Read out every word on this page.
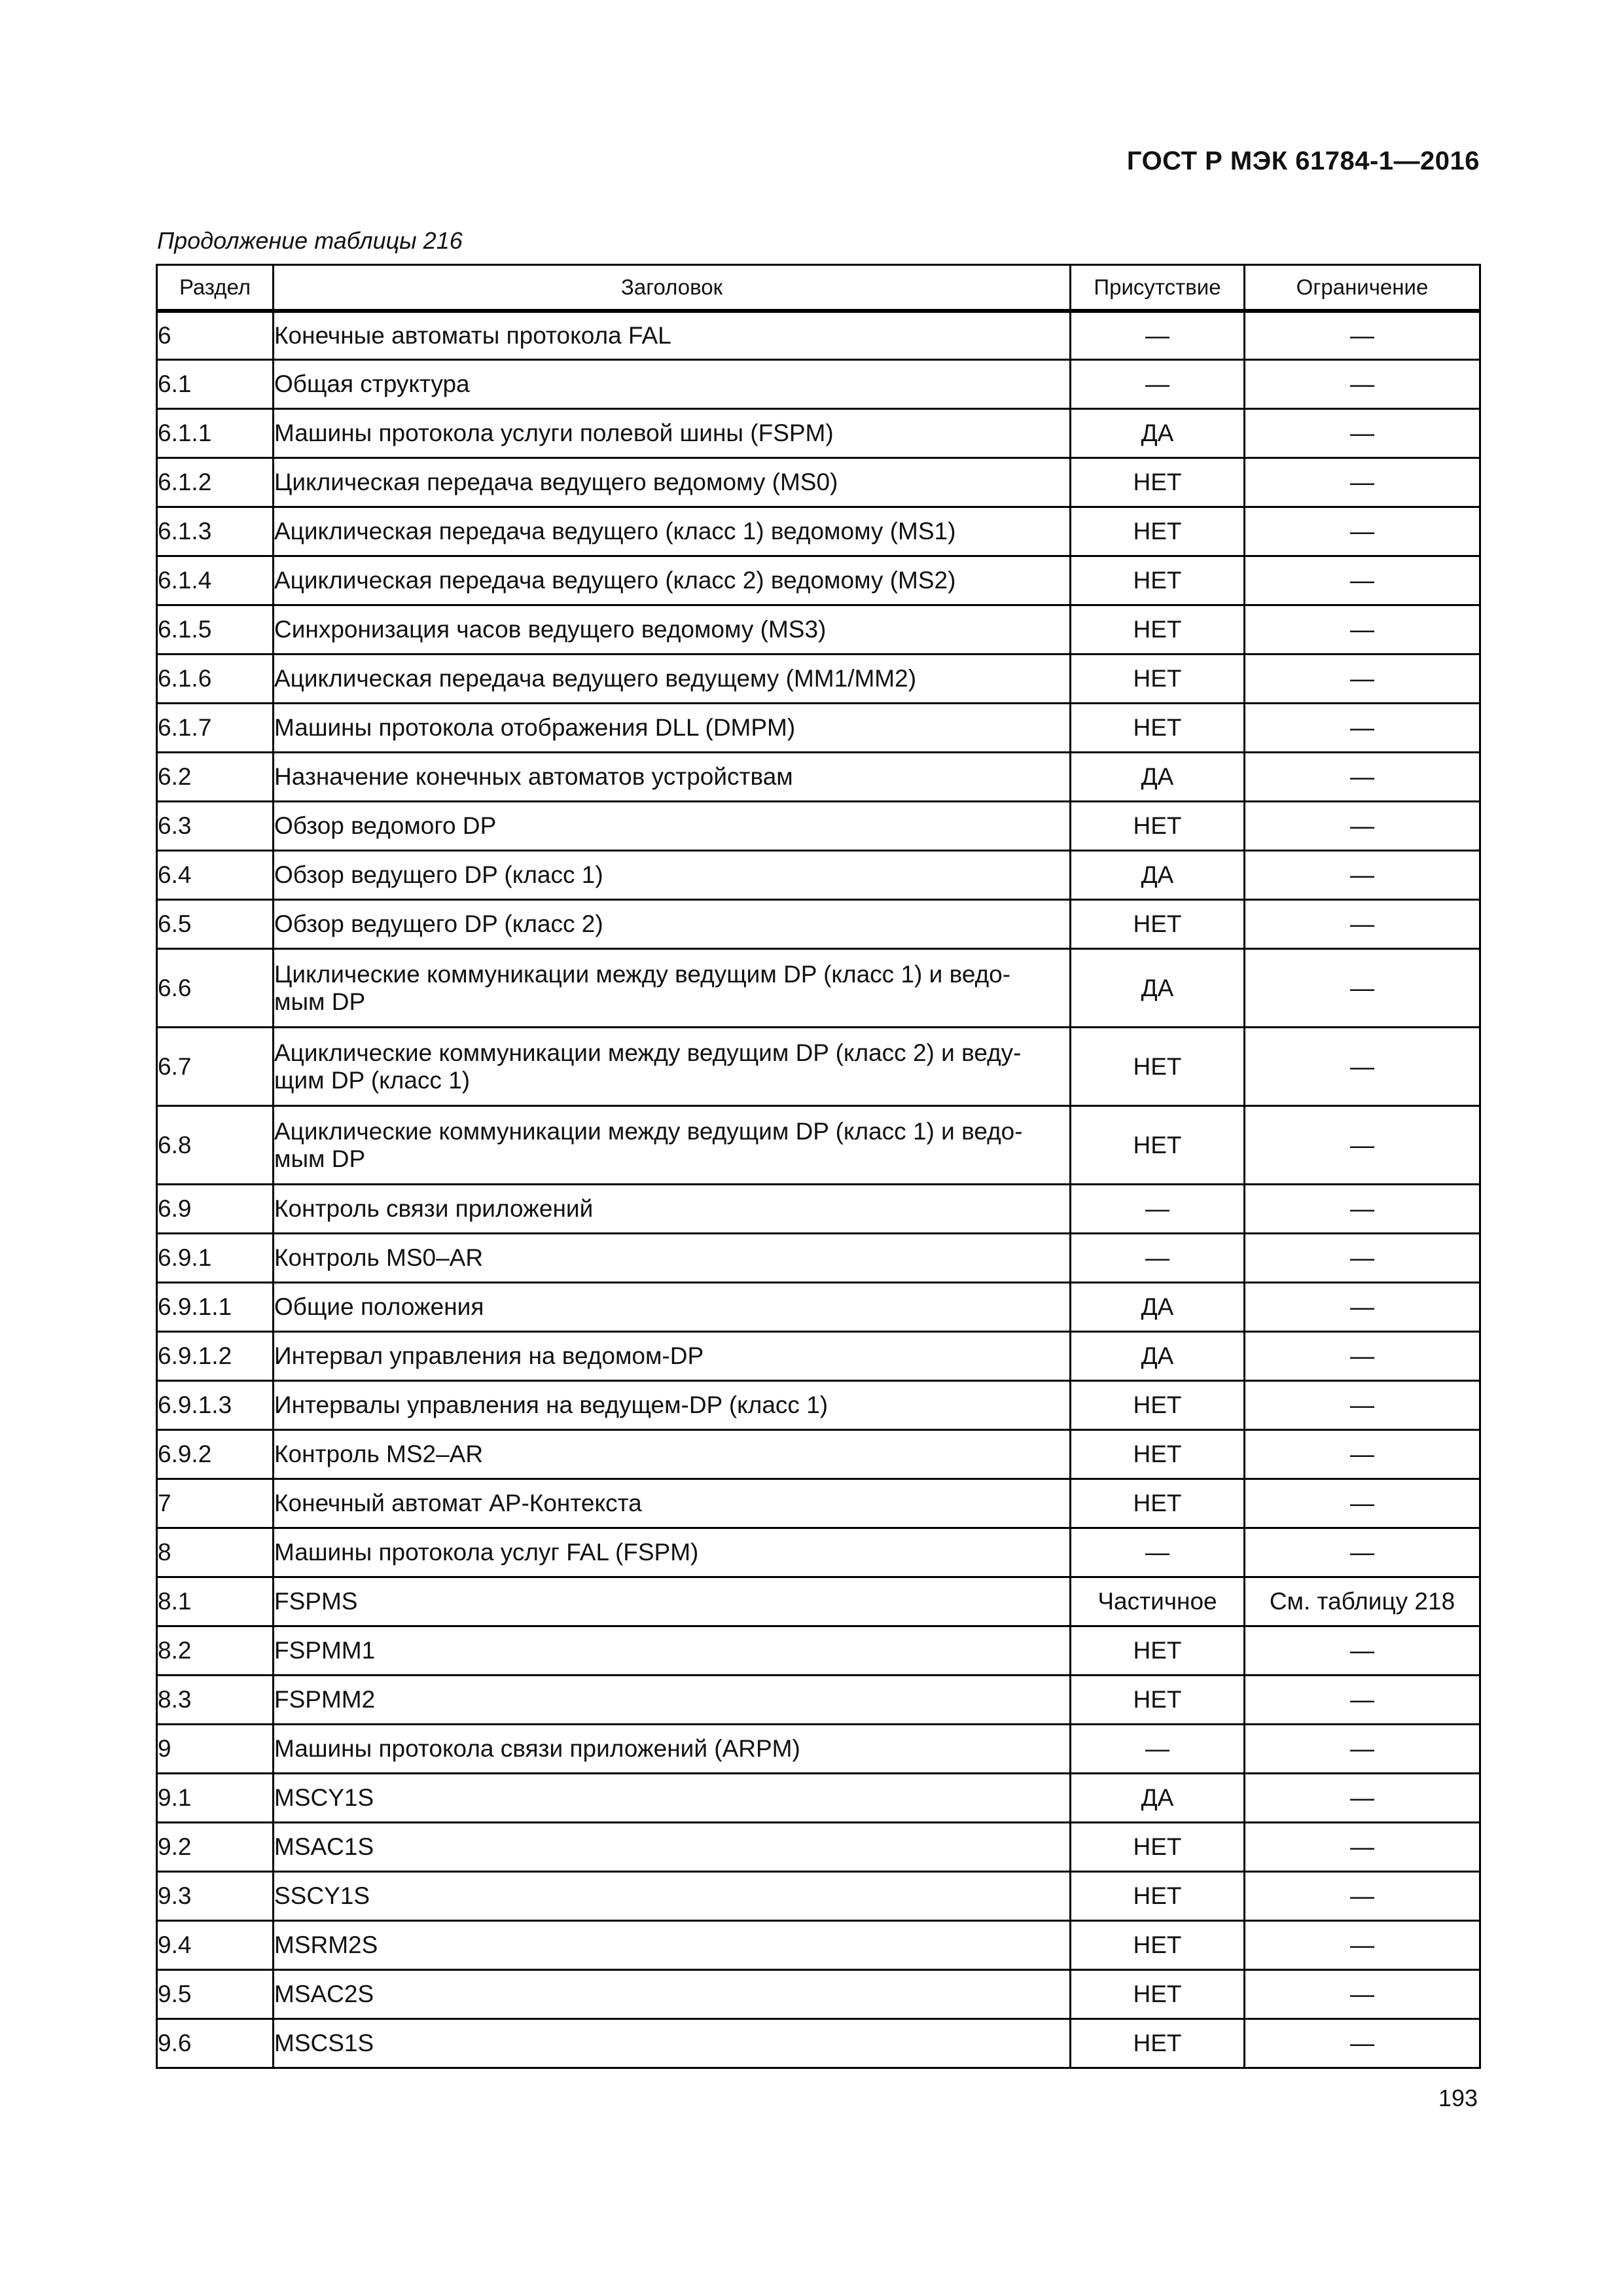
ГОСТ Р МЭК 61784-1—2016
Продолжение таблицы 216
Раздел	Заголовок	Присутствие	Ограничение
6	Конечные автоматы протокола FAL	—	—
6.1	Общая структура	—	—
6.1.1	Машины протокола услуги полевой шины (FSPM)	ДА	—
6.1.2	Циклическая передача ведущего ведомому (MS0)	НЕТ	—
6.1.3	Ациклическая передача ведущего (класс 1) ведомому (MS1)	НЕТ	—
6.1.4	Ациклическая передача ведущего (класс 2) ведомому (MS2)	НЕТ	—
6.1.5	Синхронизация часов ведущего ведомому (MS3)	НЕТ	—
6.1.6	Ациклическая передача ведущего ведущему (MM1/MM2)	НЕТ	—
6.1.7	Машины протокола отображения DLL (DMPM)	НЕТ	—
6.2	Назначение конечных автоматов устройствам	ДА	—
6.3	Обзор ведомого DP	НЕТ	—
6.4	Обзор ведущего DP (класс 1)	ДА	—
6.5	Обзор ведущего DP (класс 2)	НЕТ	—
6.6	Циклические коммуникации между ведущим DP (класс 1) и ведо-
мым DP	ДА	—
6.7	Ациклические коммуникации между ведущим DP (класс 2) и веду-
щим DP (класс 1)	НЕТ	—
6.8	Ациклические коммуникации между ведущим DP (класс 1) и ведо-
мым DP	НЕТ	—
6.9	Контроль связи приложений	—	—
6.9.1	Контроль MS0–AR	—	—
6.9.1.1	Общие положения	ДА	—
6.9.1.2	Интервал управления на ведомом-DP	ДА	—
6.9.1.3	Интервалы управления на ведущем-DP (класс 1)	НЕТ	—
6.9.2	Контроль MS2–AR	НЕТ	—
7	Конечный автомат AP-Контекста	НЕТ	—
8	Машины протокола услуг FAL (FSPM)	—	—
8.1	FSPMS	Частичное	См. таблицу 218
8.2	FSPMM1	НЕТ	—
8.3	FSPMM2	НЕТ	—
9	Машины протокола связи приложений (ARPM)	—	—
9.1	MSCY1S	ДА	—
9.2	MSAC1S	НЕТ	—
9.3	SSCY1S	НЕТ	—
9.4	MSRM2S	НЕТ	—
9.5	MSAC2S	НЕТ	—
9.6	MSCS1S	НЕТ	—
193
